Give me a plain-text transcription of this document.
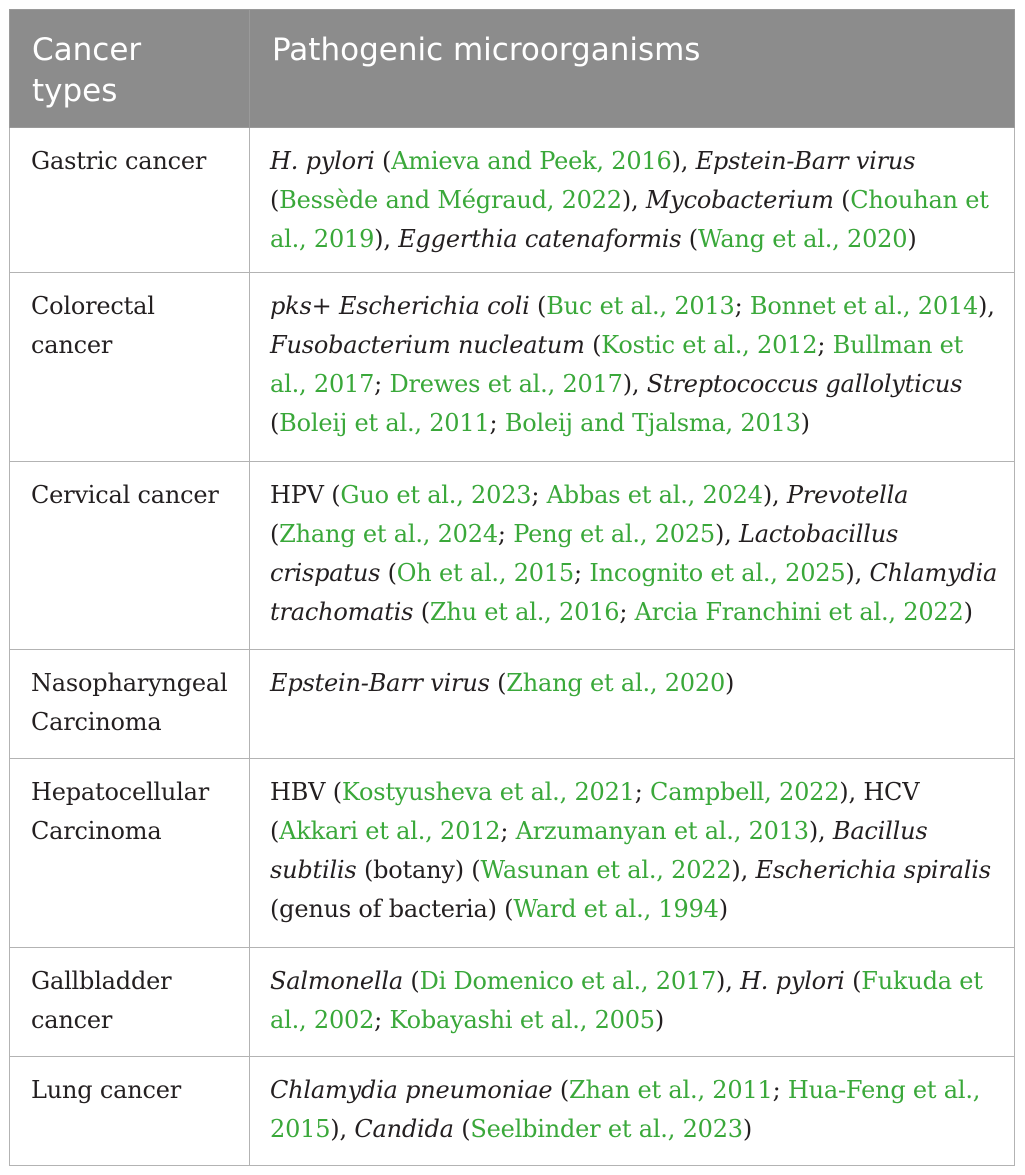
Cancer types	Pathogenic microorganisms
Gastric cancer	H. pylori (Amieva and Peek, 2016), Epstein-Barr virus (Bessède and Mégraud, 2022), Mycobacterium (Chouhan et al., 2019), Eggerthia catenaformis (Wang et al., 2020)
Colorectal cancer	pks+ Escherichia coli (Buc et al., 2013; Bonnet et al., 2014), Fusobacterium nucleatum (Kostic et al., 2012; Bullman et al., 2017; Drewes et al., 2017), Streptococcus gallolyticus (Boleij et al., 2011; Boleij and Tjalsma, 2013)
Cervical cancer	HPV (Guo et al., 2023; Abbas et al., 2024), Prevotella (Zhang et al., 2024; Peng et al., 2025), Lactobacillus crispatus (Oh et al., 2015; Incognito et al., 2025), Chlamydia trachomatis (Zhu et al., 2016; Arcia Franchini et al., 2022)
Nasopharyngeal Carcinoma	Epstein-Barr virus (Zhang et al., 2020)
Hepatocellular Carcinoma	HBV (Kostyusheva et al., 2021; Campbell, 2022), HCV (Akkari et al., 2012; Arzumanyan et al., 2013), Bacillus subtilis (botany) (Wasunan et al., 2022), Escherichia spiralis (genus of bacteria) (Ward et al., 1994)
Gallbladder cancer	Salmonella (Di Domenico et al., 2017), H. pylori (Fukuda et al., 2002; Kobayashi et al., 2005)
Lung cancer	Chlamydia pneumoniae (Zhan et al., 2011; Hua-Feng et al., 2015), Candida (Seelbinder et al., 2023)
